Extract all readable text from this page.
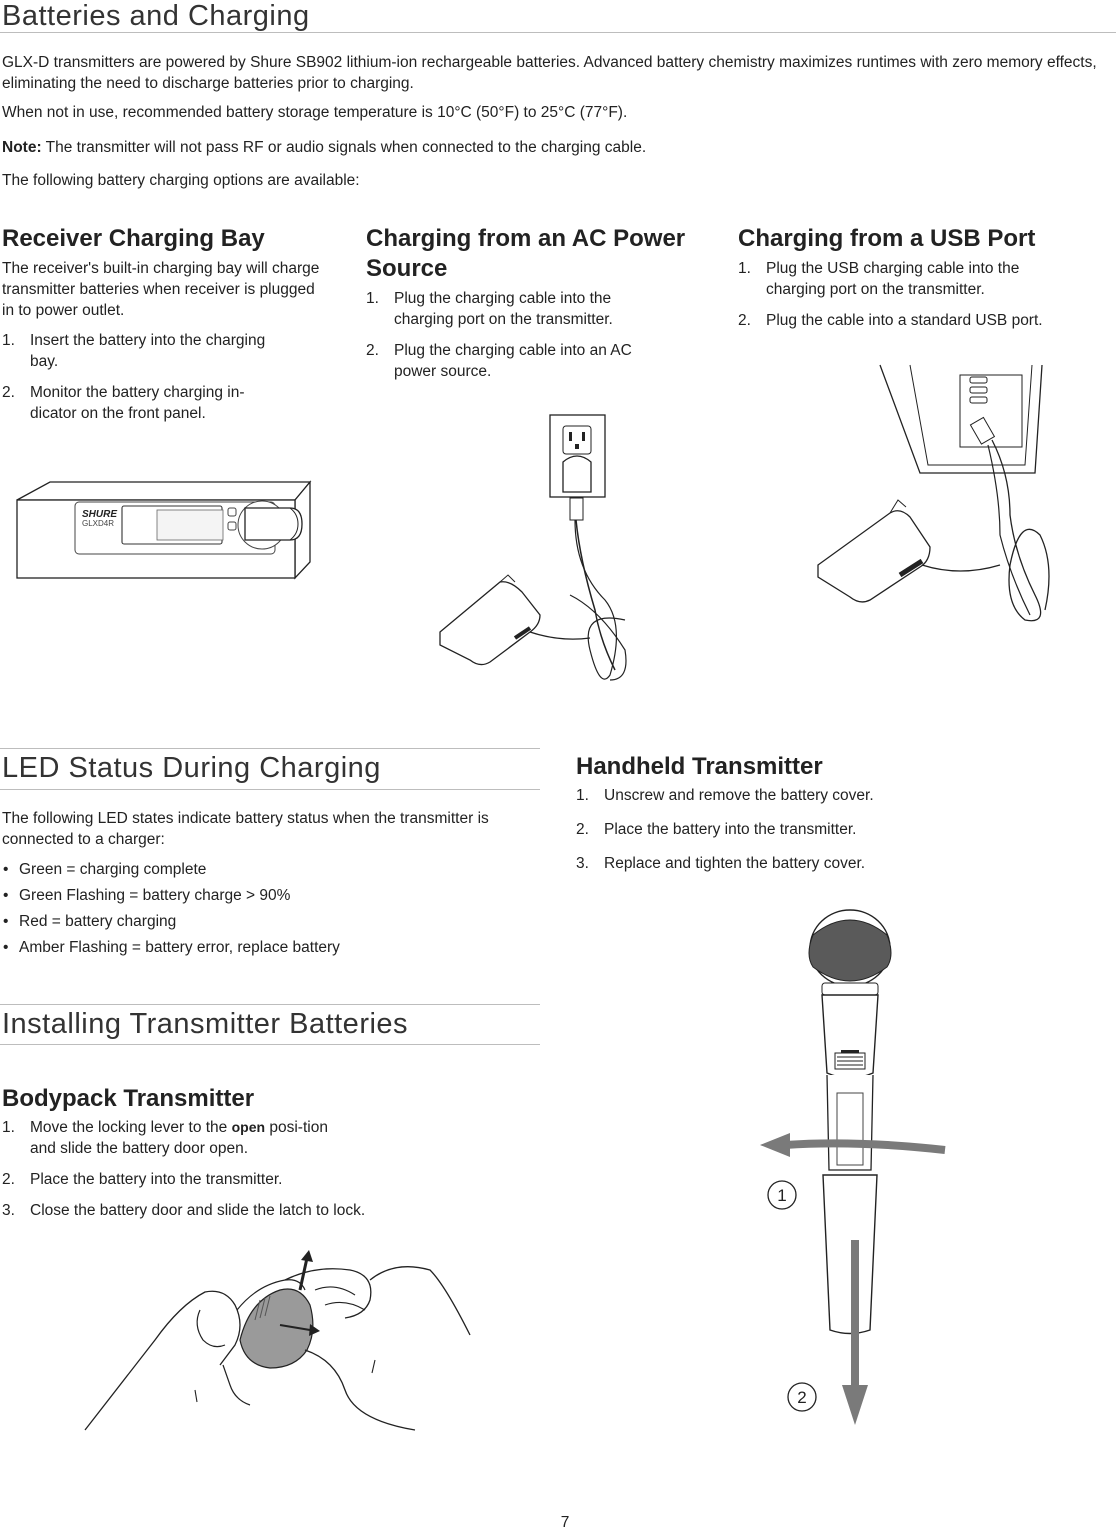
Batteries and Charging
GLX-D transmitters are powered by Shure SB902 lithium-ion rechargeable batteries. Advanced battery chemistry maximizes runtimes with zero memory effects, eliminating the need to discharge batteries prior to charging.
When not in use, recommended battery storage temperature is 10°C (50°F) to 25°C (77°F).
Note: The transmitter will not pass RF or audio signals when connected to the charging cable.
The following battery charging options are available:
Receiver Charging Bay
The receiver's built-in charging bay will charge transmitter batteries when receiver is plugged in to power outlet.
1. Insert the battery into the charging bay.
2. Monitor the battery charging in-dicator on the front panel.
SHURE
GLXD4R
Charging from an AC Power Source
1. Plug the charging cable into the charging port on the transmitter.
2. Plug the charging cable into an AC power source.
Charging from a USB Port
1. Plug the USB charging cable into the charging port on the transmitter.
2. Plug the cable into a standard USB port.
LED Status During Charging
The following LED states indicate battery status when the transmitter is connected to a charger:
• Green = charging complete
• Green Flashing = battery charge > 90%
• Red = battery charging
• Amber Flashing = battery error, replace battery
Installing Transmitter Batteries
Bodypack Transmitter
1. Move the locking lever to the open posi-tion and slide the battery door open.
2. Place the battery into the transmitter.
3. Close the battery door and slide the latch to lock.
Handheld Transmitter
1. Unscrew and remove the battery cover.
2. Place the battery into the transmitter.
3. Replace and tighten the battery cover.
1
2
7
